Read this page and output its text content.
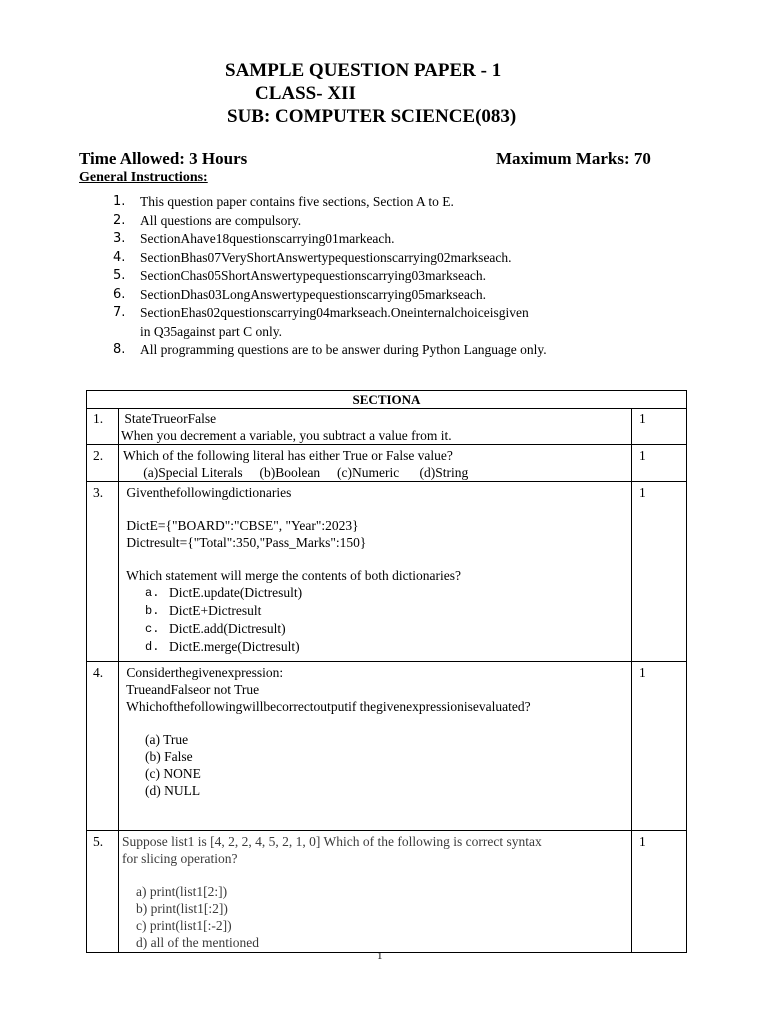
SAMPLE QUESTION PAPER - 1
CLASS- XII
SUB: COMPUTER SCIENCE(083)
Time Allowed: 3 Hours	Maximum Marks: 70
General Instructions:
1.	This question paper contains five sections, Section A to E.
2.	All questions are compulsory.
3.	SectionAhave18questionscarrying01markeach.
4.	SectionBhas07VeryShortAnswertypequestionscarrying02markseach.
5.	SectionChas05ShortAnswertypequestionscarrying03markseach.
6.	SectionDhas03LongAnswertypequestionscarrying05markseach.
7.	SectionEhas02questionscarrying04markseach.Oneinternalchoiceisgiven
in Q35against part C only.
8.	All programming questions are to be answer during Python Language only.
SECTIONA
1. StateTrueorFalse
When you decrement a variable, you subtract a value from it.
1
2. Which of the following literal has either True or False value?
(a)Special Literals     (b)Boolean     (c)Numeric      (d)String
1
3. Giventhefollowingdictionaries
DictE={"BOARD":"CBSE", "Year":2023}
Dictresult={"Total":350,"Pass_Marks":150}
Which statement will merge the contents of both dictionaries?
a. DictE.update(Dictresult)
b. DictE+Dictresult
c. DictE.add(Dictresult)
d. DictE.merge(Dictresult)
1
4. Considerthegivenexpression:
TrueandFalseor not True
Whichofthefollowingwillbecorrectoutputif thegivenexpressionisevaluated?
(a) True
(b) False
(c) NONE
(d) NULL
1
5. Suppose list1 is [4, 2, 2, 4, 5, 2, 1, 0] Which of the following is correct syntax
for slicing operation?
a) print(list1[2:])
b) print(list1[:2])
c) print(list1[:-2])
d) all of the mentioned
1
1
